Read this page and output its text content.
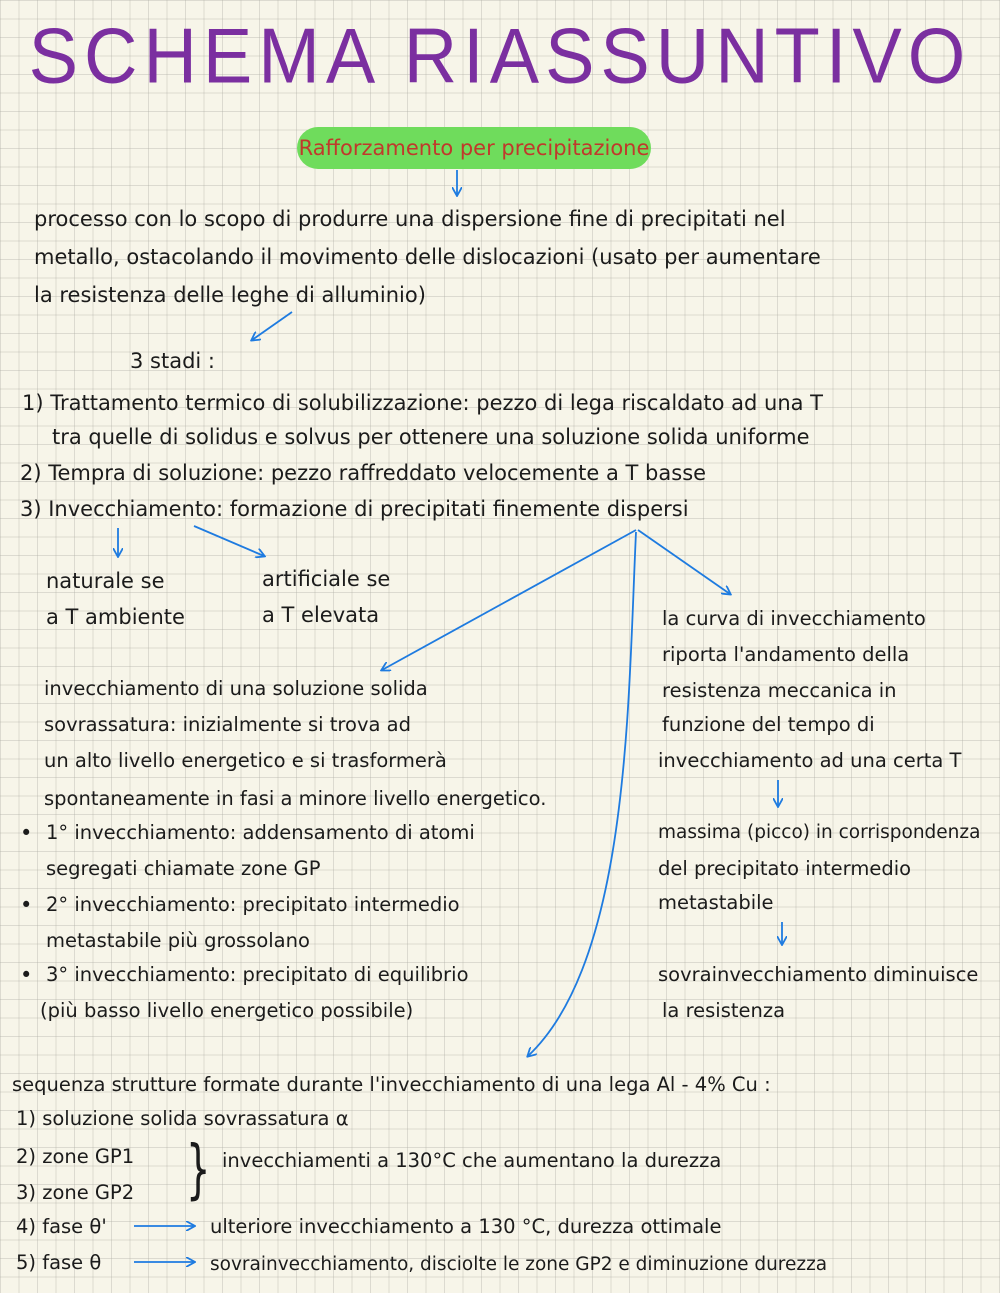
SCHEMA RIASSUNTIVO
Rafforzamento per precipitazione
processo con lo scopo di produrre una dispersione fine di precipitati nel
metallo, ostacolando il movimento delle dislocazioni (usato per aumentare
la resistenza delle leghe di alluminio)
3 stadi :
1) Trattamento termico di solubilizzazione: pezzo di lega riscaldato ad una T
tra quelle di solidus e solvus per ottenere una soluzione solida uniforme
2) Tempra di soluzione: pezzo raffreddato velocemente a T basse
3) Invecchiamento: formazione di precipitati finemente dispersi
naturale se
a T ambiente
artificiale se
a T elevata
invecchiamento di una soluzione solida
sovrassatura: inizialmente si trova ad
un alto livello energetico e si trasformerà
spontaneamente in fasi a minore livello energetico.
• 1° invecchiamento: addensamento di atomi
segregati chiamate zone GP
• 2° invecchiamento: precipitato intermedio
metastabile più grossolano
• 3° invecchiamento: precipitato di equilibrio
(più basso livello energetico possibile)
la curva di invecchiamento
riporta l'andamento della
resistenza meccanica in
funzione del tempo di
invecchiamento ad una certa T
massima (picco) in corrispondenza
del precipitato intermedio
metastabile
sovrainvecchiamento diminuisce
la resistenza
sequenza strutture formate durante l'invecchiamento di una lega Al - 4% Cu :
1) soluzione solida sovrassatura α
2) zone GP1
3) zone GP2 } invecchiamenti a 130°C che aumentano la durezza
4) fase θ'	ulteriore invecchiamento a 130 °C, durezza ottimale
5) fase θ	sovrainvecchiamento, disciolte le zone GP2 e diminuzione durezza
